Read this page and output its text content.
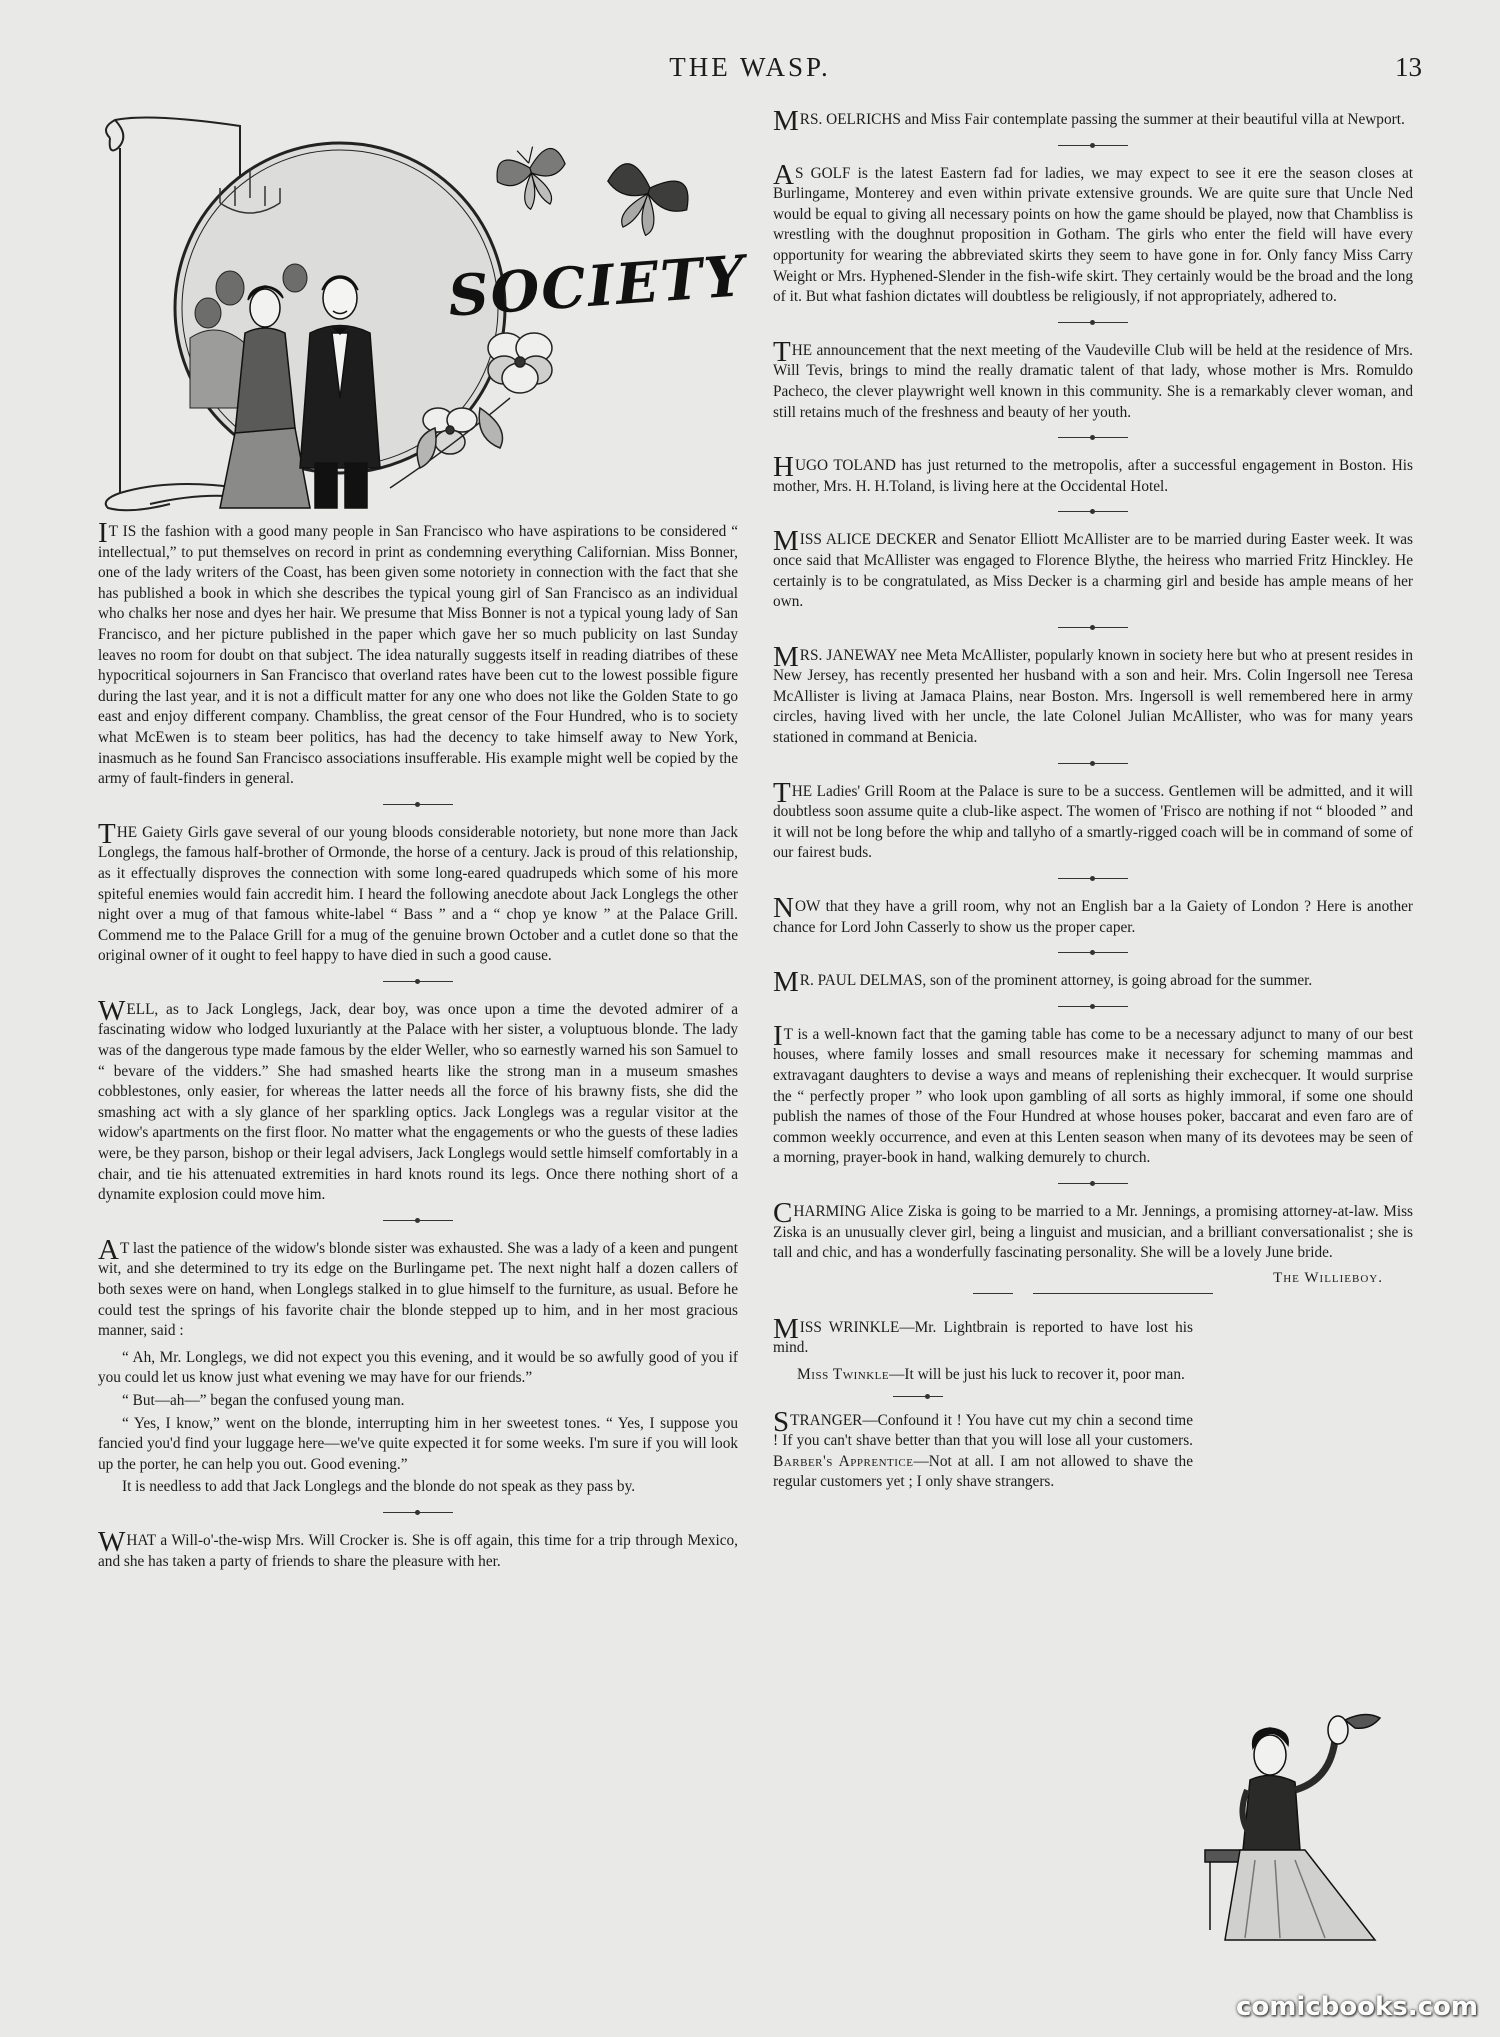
THE WASP.	13
SOCIETY

IT IS the fashion with a good many people in San Francisco who have aspirations to be considered “ intellectual,” to put themselves on record in print as condemning everything Californian. Miss Bonner, one of the lady writers of the Coast, has been given some notoriety in connection with the fact that she has published a book in which she describes the typical young girl of San Francisco as an individual who chalks her nose and dyes her hair. We presume that Miss Bonner is not a typical young lady of San Francisco, and her picture published in the paper which gave her so much publicity on last Sunday leaves no room for doubt on that subject. The idea naturally suggests itself in reading diatribes of these hypocritical sojourners in San Francisco that overland rates have been cut to the lowest possible figure during the last year, and it is not a difficult matter for any one who does not like the Golden State to go east and enjoy different company. Chambliss, the great censor of the Four Hundred, who is to society what McEwen is to steam beer politics, has had the decency to take himself away to New York, inasmuch as he found San Francisco associations insufferable. His example might well be copied by the army of fault-finders in general.

THE Gaiety Girls gave several of our young bloods considerable notoriety, but none more than Jack Longlegs, the famous half-brother of Ormonde, the horse of a century. Jack is proud of this relationship, as it effectually disproves the connection with some long-eared quadrupeds which some of his more spiteful enemies would fain accredit him. I heard the following anecdote about Jack Longlegs the other night over a mug of that famous white-label “ Bass ” and a “ chop ye know ” at the Palace Grill. Commend me to the Palace Grill for a mug of the genuine brown October and a cutlet done so that the original owner of it ought to feel happy to have died in such a good cause.

WELL, as to Jack Longlegs, Jack, dear boy, was once upon a time the devoted admirer of a fascinating widow who lodged luxuriantly at the Palace with her sister, a voluptuous blonde. The lady was of the dangerous type made famous by the elder Weller, who so earnestly warned his son Samuel to “ bevare of the vidders.” She had smashed hearts like the strong man in a museum smashes cobblestones, only easier, for whereas the latter needs all the force of his brawny fists, she did the smashing act with a sly glance of her sparkling optics. Jack Longlegs was a regular visitor at the widow's apartments on the first floor. No matter what the engagements or who the guests of these ladies were, be they parson, bishop or their legal advisers, Jack Longlegs would settle himself comfortably in a chair, and tie his attenuated extremities in hard knots round its legs. Once there nothing short of a dynamite explosion could move him.

AT last the patience of the widow's blonde sister was exhausted. She was a lady of a keen and pungent wit, and she determined to try its edge on the Burlingame pet. The next night half a dozen callers of both sexes were on hand, when Longlegs stalked in to glue himself to the furniture, as usual. Before he could test the springs of his favorite chair the blonde stepped up to him, and in her most gracious manner, said :

“ Ah, Mr. Longlegs, we did not expect you this evening, and it would be so awfully good of you if you could let us know just what evening we may have for our friends.”

“ But—ah—” began the confused young man.

“ Yes, I know,” went on the blonde, interrupting him in her sweetest tones. “ Yes, I suppose you fancied you'd find your luggage here—we've quite expected it for some weeks. I'm sure if you will look up the porter, he can help you out. Good evening.”

It is needless to add that Jack Longlegs and the blonde do not speak as they pass by.

WHAT a Will-o'-the-wisp Mrs. Will Crocker is. She is off again, this time for a trip through Mexico, and she has taken a party of friends to share the pleasure with her.

MRS. OELRICHS and Miss Fair contemplate passing the summer at their beautiful villa at Newport.

AS GOLF is the latest Eastern fad for ladies, we may expect to see it ere the season closes at Burlingame, Monterey and even within private extensive grounds. We are quite sure that Uncle Ned would be equal to giving all necessary points on how the game should be played, now that Chambliss is wrestling with the doughnut proposition in Gotham. The girls who enter the field will have every opportunity for wearing the abbreviated skirts they seem to have gone in for. Only fancy Miss Carry Weight or Mrs. Hyphened-Slender in the fish-wife skirt. They certainly would be the broad and the long of it. But what fashion dictates will doubtless be religiously, if not appropriately, adhered to.

THE announcement that the next meeting of the Vaudeville Club will be held at the residence of Mrs. Will Tevis, brings to mind the really dramatic talent of that lady, whose mother is Mrs. Romuldo Pacheco, the clever playwright well known in this community. She is a remarkably clever woman, and still retains much of the freshness and beauty of her youth.

HUGO TOLAND has just returned to the metropolis, after a successful engagement in Boston. His mother, Mrs. H. H.Toland, is living here at the Occidental Hotel.

MISS ALICE DECKER and Senator Elliott McAllister are to be married during Easter week. It was once said that McAllister was engaged to Florence Blythe, the heiress who married Fritz Hinckley. He certainly is to be congratulated, as Miss Decker is a charming girl and beside has ample means of her own.

MRS. JANEWAY nee Meta McAllister, popularly known in society here but who at present resides in New Jersey, has recently presented her husband with a son and heir. Mrs. Colin Ingersoll nee Teresa McAllister is living at Jamaca Plains, near Boston. Mrs. Ingersoll is well remembered here in army circles, having lived with her uncle, the late Colonel Julian McAllister, who was for many years stationed in command at Benicia.

THE Ladies' Grill Room at the Palace is sure to be a success. Gentlemen will be admitted, and it will doubtless soon assume quite a club-like aspect. The women of 'Frisco are nothing if not “ blooded ” and it will not be long before the whip and tallyho of a smartly-rigged coach will be in command of some of our fairest buds.

NOW that they have a grill room, why not an English bar a la Gaiety of London ? Here is another chance for Lord John Casserly to show us the proper caper.

MR. PAUL DELMAS, son of the prominent attorney, is going abroad for the summer.

IT is a well-known fact that the gaming table has come to be a necessary adjunct to many of our best houses, where family losses and small resources make it necessary for scheming mammas and extravagant daughters to devise a ways and means of replenishing their exchecquer. It would surprise the “ perfectly proper ” who look upon gambling of all sorts as highly immoral, if some one should publish the names of those of the Four Hundred at whose houses poker, baccarat and even faro are of common weekly occurrence, and even at this Lenten season when many of its devotees may be seen of a morning, prayer-book in hand, walking demurely to church.

CHARMING Alice Ziska is going to be married to a Mr. Jennings, a promising attorney-at-law. Miss Ziska is an unusually clever girl, being a linguist and musician, and a brilliant conversationalist ; she is tall and chic, and has a wonderfully fascinating personality. She will be a lovely June bride.

The Willieboy.

MISS WRINKLE—Mr. Lightbrain is reported to have lost his mind.

Miss Twinkle—It will be just his luck to recover it, poor man.

STRANGER—Confound it ! You have cut my chin a second time ! If you can't shave better than that you will lose all your customers. Barber's Apprentice—Not at all. I am not allowed to shave the regular customers yet ; I only shave strangers.

comicbooks.com
